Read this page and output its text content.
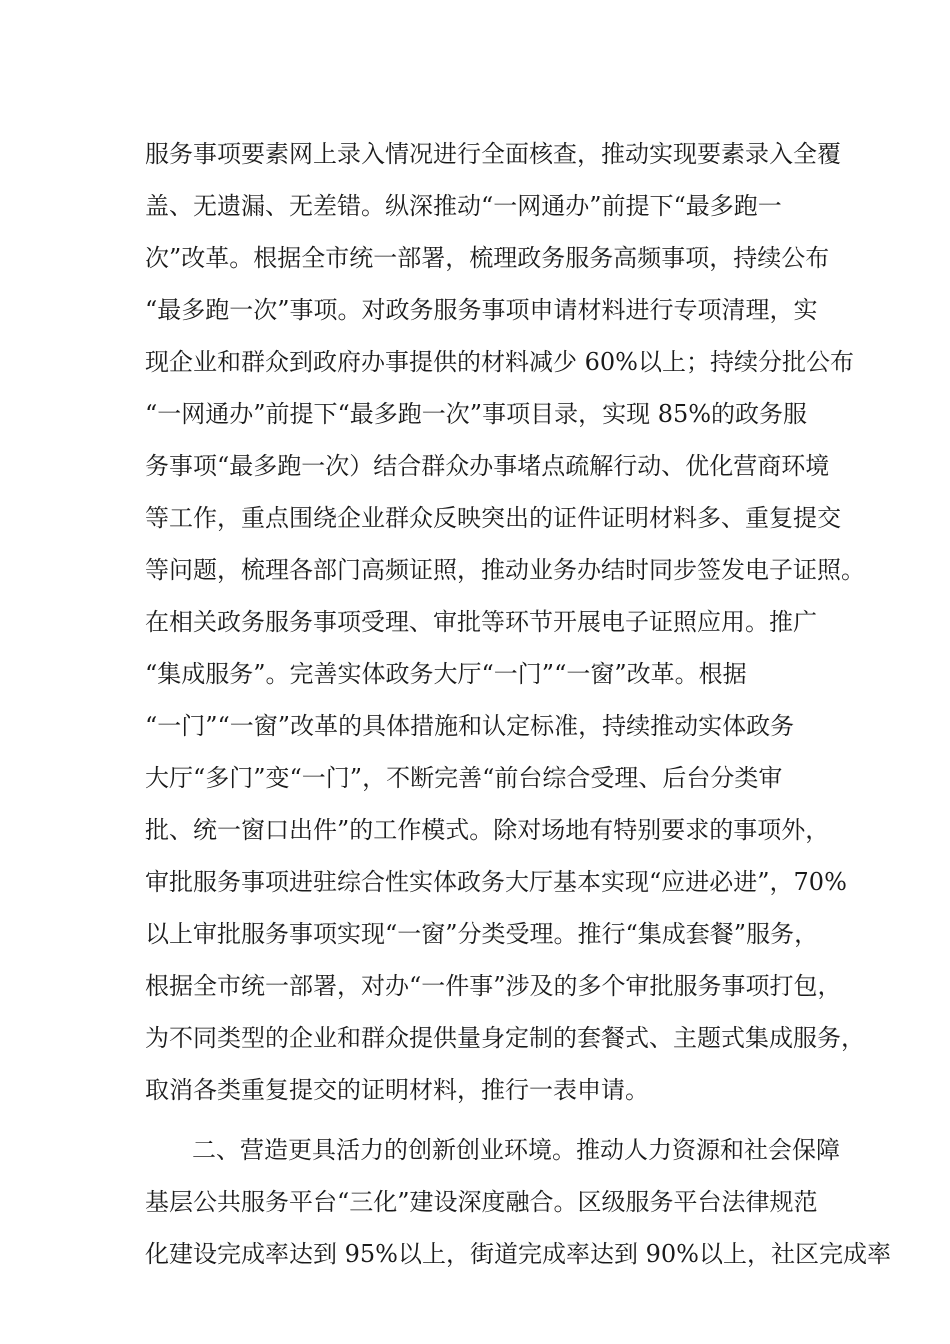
服务事项要素网上录入情况进行全面核查，推动实现要素录入全覆
盖、无遗漏、无差错。纵深推动“一网通办”前提下“最多跑一
次”改革。根据全市统一部署，梳理政务服务高频事项，持续公布
“最多跑一次”事项。对政务服务事项申请材料进行专项清理，实
现企业和群众到政府办事提供的材料减少 60%以上；持续分批公布
“一网通办”前提下“最多跑一次”事项目录，实现 85%的政务服
务事项“最多跑一次）结合群众办事堵点疏解行动、优化营商环境
等工作，重点围绕企业群众反映突出的证件证明材料多、重复提交
等问题，梳理各部门高频证照，推动业务办结时同步签发电子证照。
在相关政务服务事项受理、审批等环节开展电子证照应用。推广
“集成服务”。完善实体政务大厅“一门”“一窗”改革。根据
“一门”“一窗”改革的具体措施和认定标准，持续推动实体政务
大厅“多门”变“一门”，不断完善“前台综合受理、后台分类审
批、统一窗口出件”的工作模式。除对场地有特别要求的事项外，
审批服务事项进驻综合性实体政务大厅基本实现“应进必进”，70%
以上审批服务事项实现“一窗”分类受理。推行“集成套餐”服务，
根据全市统一部署，对办“一件事”涉及的多个审批服务事项打包，
为不同类型的企业和群众提供量身定制的套餐式、主题式集成服务，
取消各类重复提交的证明材料，推行一表申请。
二、营造更具活力的创新创业环境。推动人力资源和社会保障
基层公共服务平台“三化”建设深度融合。区级服务平台法律规范
化建设完成率达到 95%以上，街道完成率达到 90%以上，社区完成率
